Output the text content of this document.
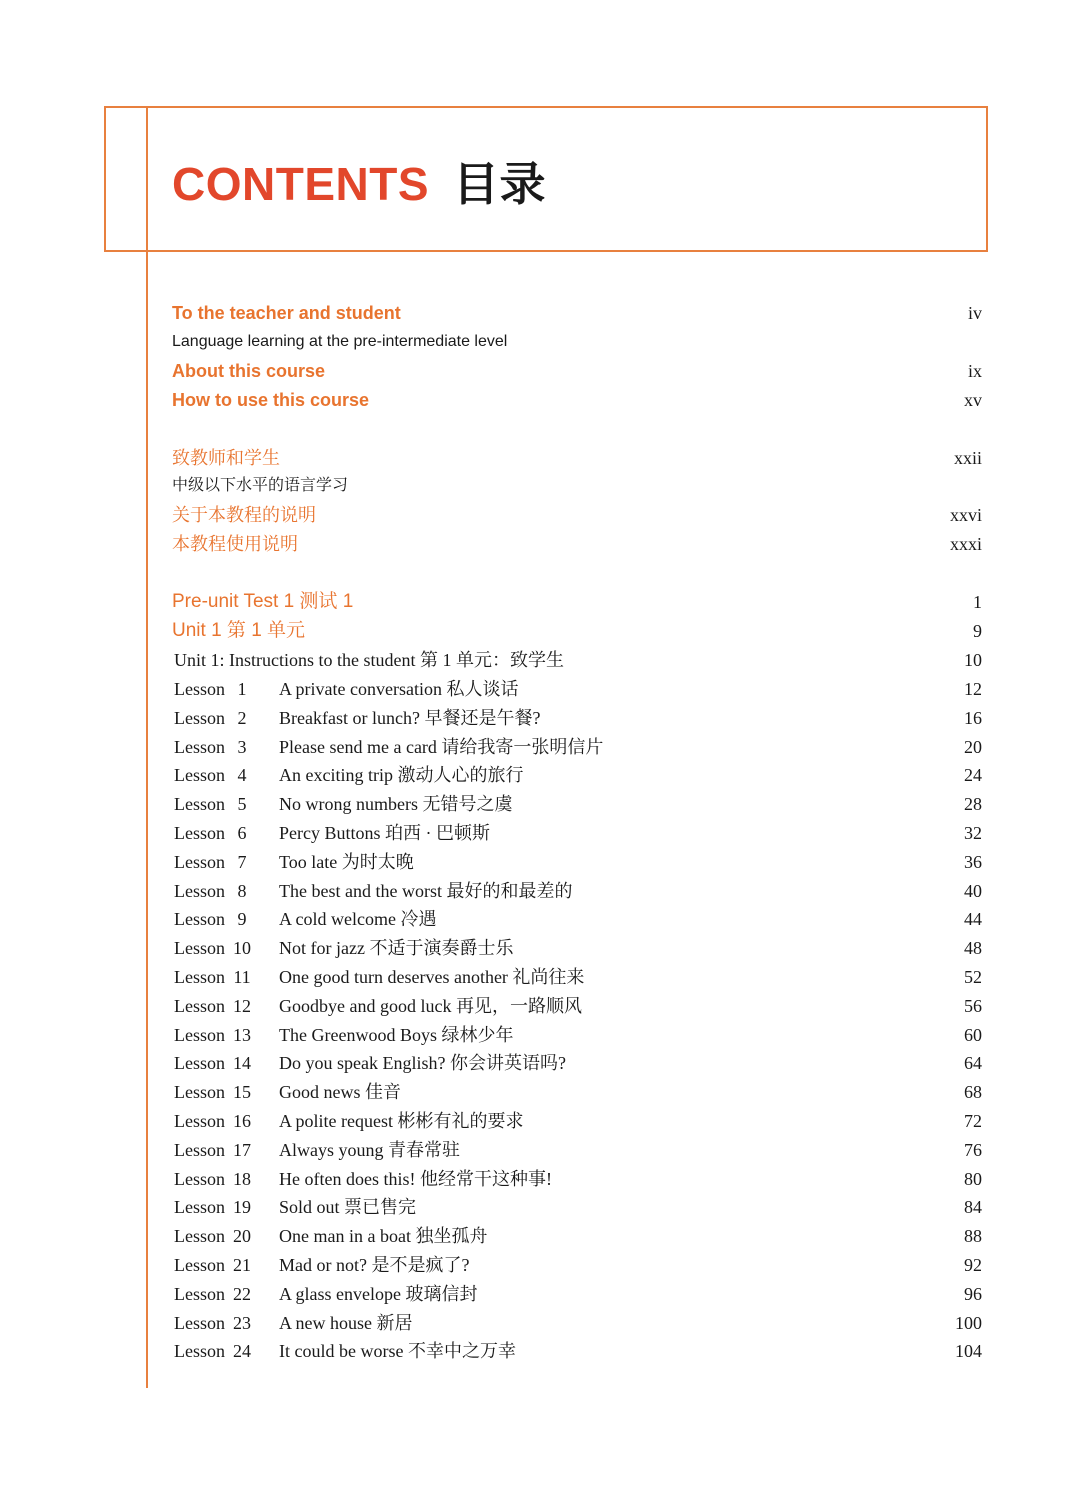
CONTENTS 目录
To the teacher and student	iv
Language learning at the pre-intermediate level
About this course	ix
How to use this course	xv
致教师和学生	xxii
中级以下水平的语言学习
关于本教程的说明	xxvi
本教程使用说明	xxxi
Pre-unit Test 1 测试 1	1
Unit 1 第 1 单元	9
Unit 1: Instructions to the student 第 1 单元：致学生	10
Lesson 1	A private conversation 私人谈话	12
Lesson 2	Breakfast or lunch? 早餐还是午餐?	16
Lesson 3	Please send me a card 请给我寄一张明信片	20
Lesson 4	An exciting trip 激动人心的旅行	24
Lesson 5	No wrong numbers 无错号之虞	28
Lesson 6	Percy Buttons 珀西 · 巴顿斯	32
Lesson 7	Too late 为时太晚	36
Lesson 8	The best and the worst 最好的和最差的	40
Lesson 9	A cold welcome 冷遇	44
Lesson 10 Not for jazz 不适于演奏爵士乐	48
Lesson 11 One good turn deserves another 礼尚往来	52
Lesson 12 Goodbye and good luck 再见，一路顺风	56
Lesson 13 The Greenwood Boys 绿林少年	60
Lesson 14 Do you speak English? 你会讲英语吗?	64
Lesson 15 Good news 佳音	68
Lesson 16 A polite request 彬彬有礼的要求	72
Lesson 17 Always young 青春常驻	76
Lesson 18 He often does this! 他经常干这种事!	80
Lesson 19 Sold out 票已售完	84
Lesson 20 One man in a boat 独坐孤舟	88
Lesson 21 Mad or not? 是不是疯了?	92
Lesson 22 A glass envelope 玻璃信封	96
Lesson 23 A new house 新居	100
Lesson 24 It could be worse 不幸中之万幸	104
